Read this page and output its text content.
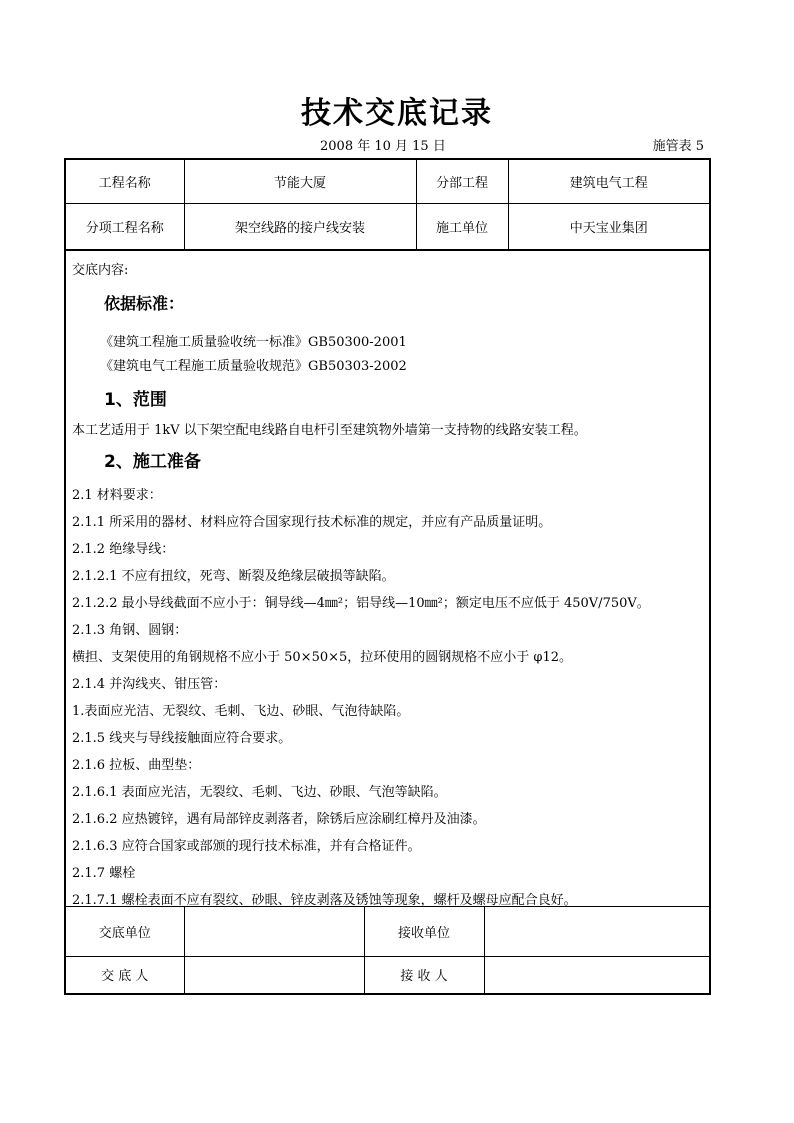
技术交底记录
2008 年 10 月 15 日	施管表 5
工程名称	节能大厦	分部工程	建筑电气工程
分项工程名称	架空线路的接户线安装	施工单位	中天宝业集团
交底内容:
依据标准：
《建筑工程施工质量验收统一标准》GB50300-2001
《建筑电气工程施工质量验收规范》GB50303-2002
1、范围
本工艺适用于 1kV 以下架空配电线路自电杆引至建筑物外墙第一支持物的线路安装工程。
2、施工准备
2.1 材料要求：
2.1.1 所采用的器材、材料应符合国家现行技术标准的规定，并应有产品质量证明。
2.1.2 绝缘导线：
2.1.2.1 不应有扭纹，死弯、断裂及绝缘层破损等缺陷。
2.1.2.2 最小导线截面不应小于：铜导线—4㎜²；铝导线—10㎜²；额定电压不应低于 450V/750V。
2.1.3 角钢、圆钢：
横担、支架使用的角钢规格不应小于 50×50×5，拉环使用的圆钢规格不应小于 φ12。
2.1.4 并沟线夹、钳压管：
1.表面应光洁、无裂纹、毛刺、飞边、砂眼、气泡待缺陷。
2.1.5 线夹与导线接触面应符合要求。
2.1.6 拉板、曲型垫：
2.1.6.1 表面应光洁，无裂纹、毛刺、飞边、砂眼、气泡等缺陷。
2.1.6.2 应热镀锌，遇有局部锌皮剥落者，除锈后应涂刷红樟丹及油漆。
2.1.6.3 应符合国家或部颁的现行技术标准，并有合格证件。
2.1.7 螺栓
2.1.7.1 螺栓表面不应有裂纹、砂眼、锌皮剥落及锈蚀等现象，螺杆及螺母应配合良好。
交底单位		接收单位	
交 底 人		接 收 人	
